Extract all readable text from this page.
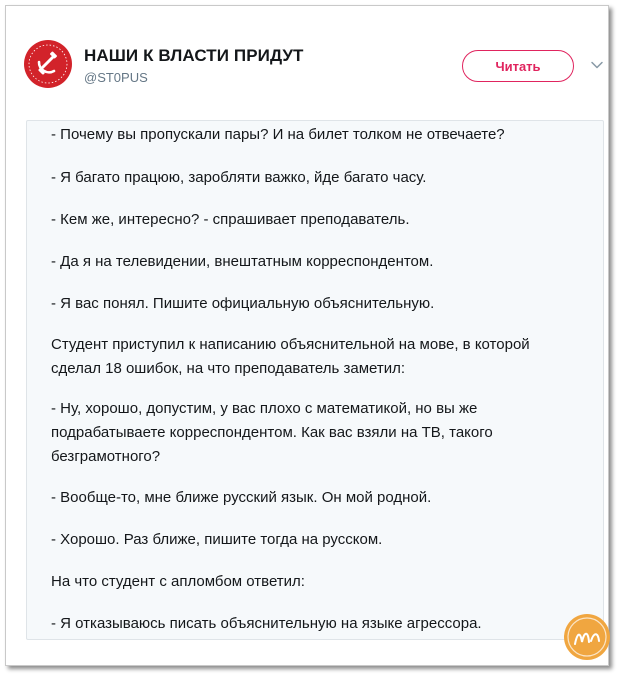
НАШИ К ВЛАСТИ ПРИДУТ
@ST0PUS
Читать
- Почему вы пропускали пары? И на билет толком не отвечаете?
- Я багато працюю, заробляти важко, йде багато часу.
- Кем же, интересно? - спрашивает преподаватель.
- Да я на телевидении, внештатным корреспондентом.
- Я вас понял. Пишите официальную объяснительную.
Студент приступил к написанию объяснительной на мове, в которой
сделал 18 ошибок, на что преподаватель заметил:
- Ну, хорошо, допустим, у вас плохо с математикой, но вы же
подрабатываете корреспондентом. Как вас взяли на ТВ, такого
безграмотного?
- Вообще-то, мне ближе русский язык. Он мой родной.
- Хорошо. Раз ближе, пишите тогда на русском.
На что студент с апломбом ответил:
- Я отказываюсь писать объяснительную на языке агрессора.
